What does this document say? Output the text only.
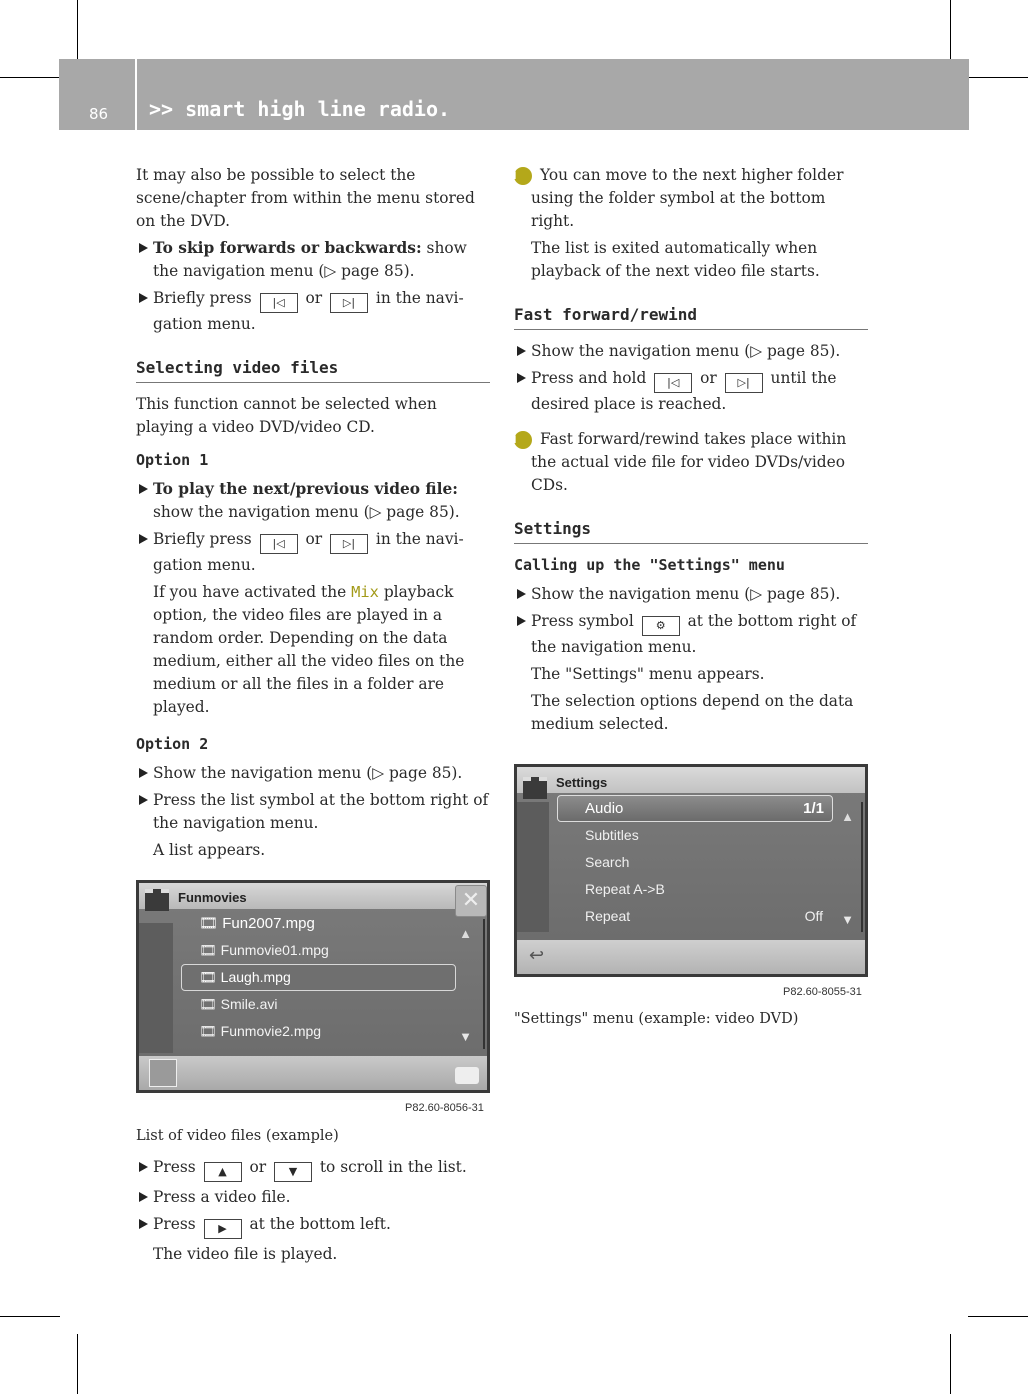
86 >> smart high line radio.

It may also be possible to select the scene/chapter from within the menu stored on the DVD.

To skip forwards or backwards: show the navigation menu (▷ page 85).
Briefly press |◁ or ▷| in the navi-gation menu.
Selecting video files

This function cannot be selected when playing a video DVD/video CD.

Option 1
To play the next/previous video file:
show the navigation menu (▷ page 85).
Briefly press |◁ or ▷| in the navi-gation menu.
If you have activated the Mix playback option, the video files are played in a random order. Depending on the data medium, either all the video files on the medium or all the files in a folder are played.
Option 2
Show the navigation menu (▷ page 85).
Press the list symbol at the bottom right of the navigation menu.
A list appears.
Funmovies	✕
🎞 Fun2007.mpg
🎞 Funmovie01.mpg
🎞 Laugh.mpg
🎞 Smile.avi
🎞 Funmovie2.mpg
▲
▼
P82.60-8056-31
List of video files (example)
Press ▲ or ▼ to scroll in the list.
Press a video file.
Press ▶ at the bottom left.
The video file is played.

i You can move to the next higher folder using the folder symbol at the bottom right.

The list is exited automatically when playback of the next video file starts.
Fast forward/rewind
Show the navigation menu (▷ page 85).
Press and hold |◁ or ▷| until the desired place is reached.

i Fast forward/rewind takes place within the actual vide file for video DVDs/video CDs.

Settings
Calling up the "Settings" menu
Show the navigation menu (▷ page 85).
Press symbol ⚙ at the bottom right of the navigation menu.
The "Settings" menu appears.
The selection options depend on the data medium selected.
Settings
Audio	1/1
Subtitles
Search
Repeat A->B
Repeat	Off
▲
▼
↩
P82.60-8055-31
"Settings" menu (example: video DVD)
